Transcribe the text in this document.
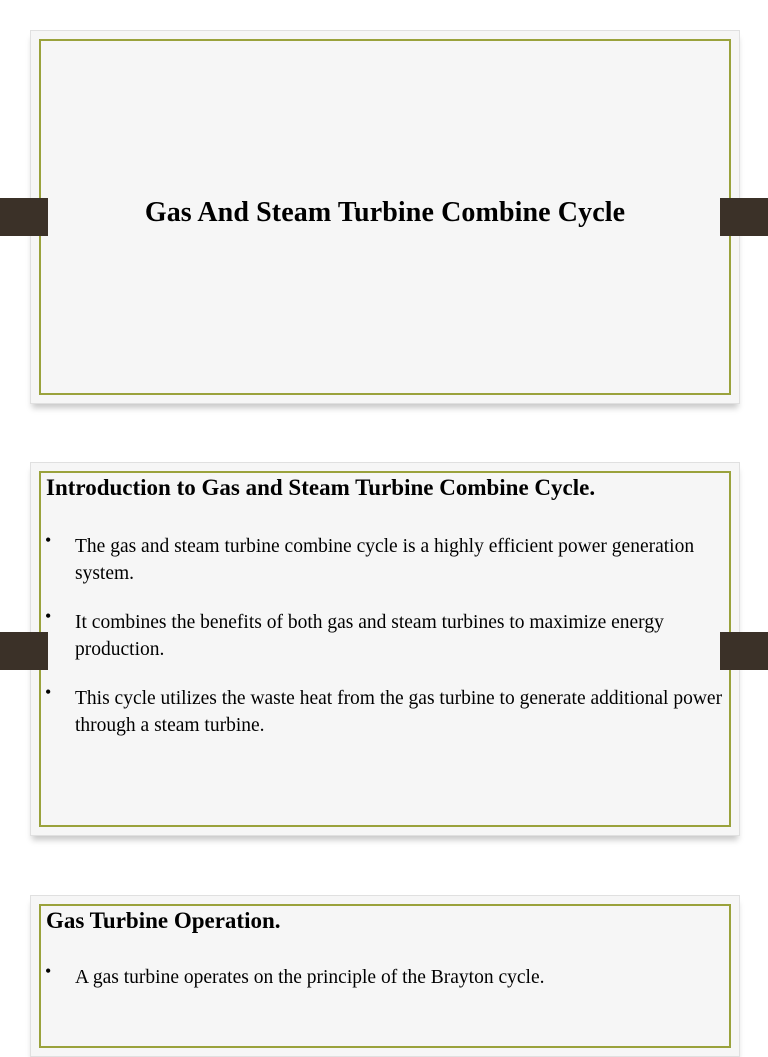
Gas And Steam Turbine Combine Cycle
Introduction to Gas and Steam Turbine Combine Cycle.
• The gas and steam turbine combine cycle is a highly efficient power generation system.
• It combines the benefits of both gas and steam turbines to maximize energy production.
• This cycle utilizes the waste heat from the gas turbine to generate additional power through a steam turbine.
Gas Turbine Operation.
• A gas turbine operates on the principle of the Brayton cycle.
